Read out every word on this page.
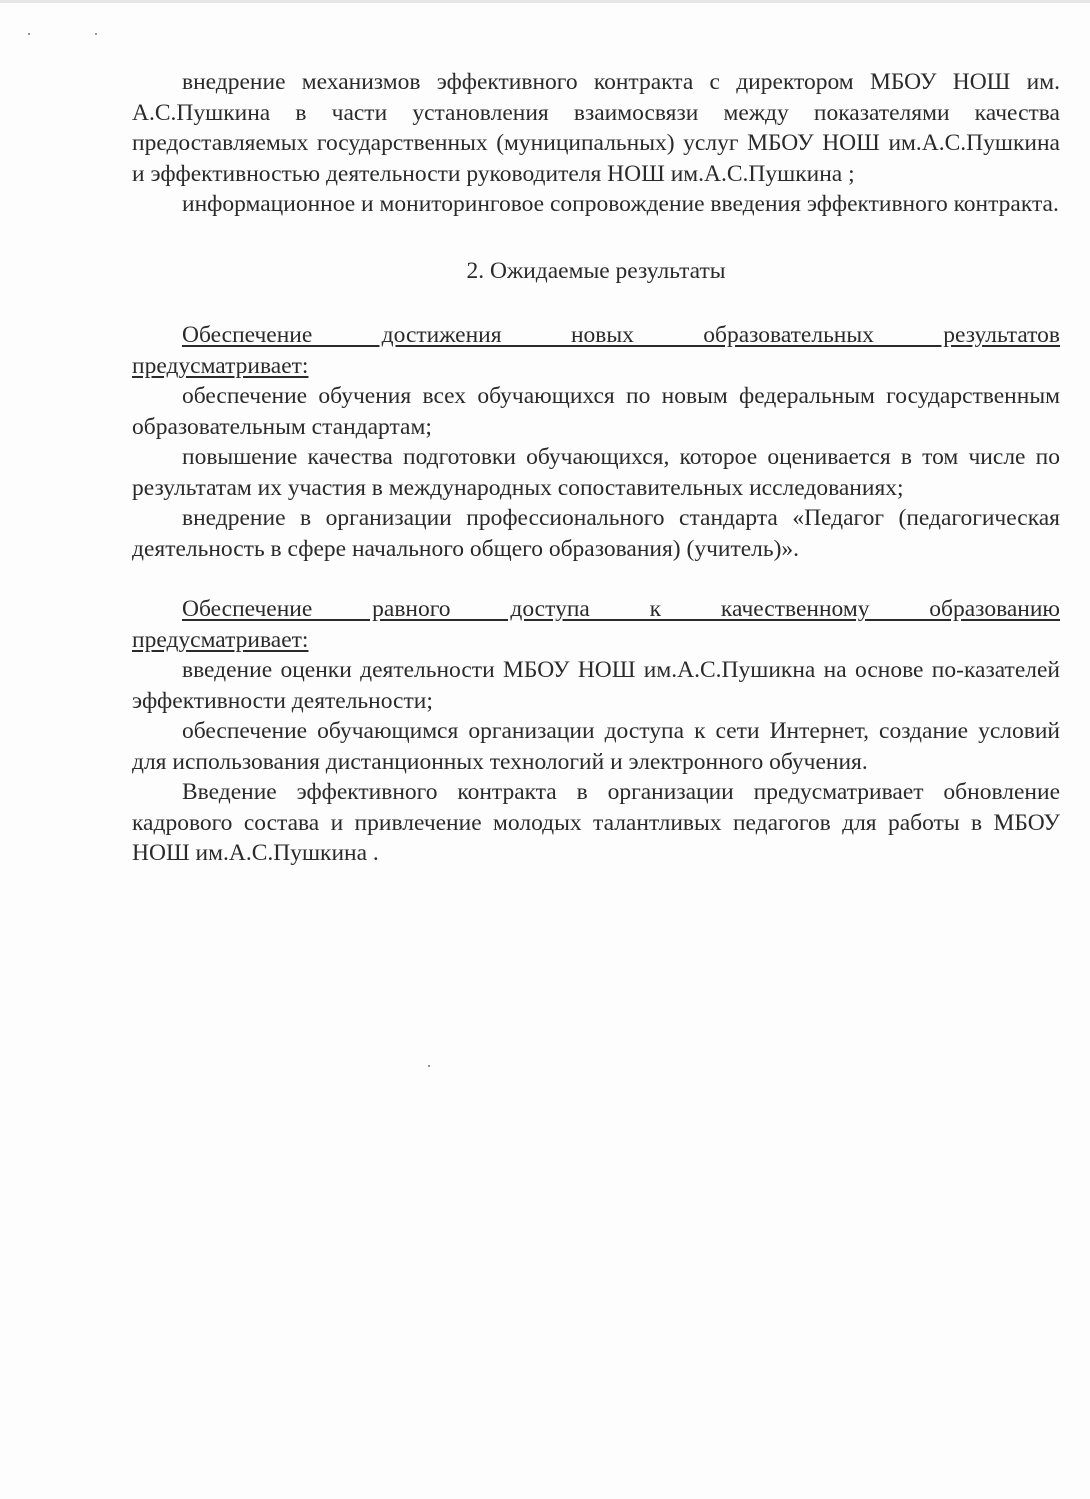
внедрение механизмов эффективного контракта с директором МБОУ НОШ им. А.С.Пушкина в части установления взаимосвязи между показателями качества предоставляемых государственных (муниципальных) услуг МБОУ НОШ им.А.С.Пушкина и эффективностью деятельности руководителя НОШ им.А.С.Пушкина ;

информационное и мониторинговое сопровождение введения эффективного контракта.

2. Ожидаемые результаты

Обеспечение достижения новых образовательных результатов

предусматривает:

обеспечение обучения всех обучающихся по новым федеральным государственным образовательным стандартам;

повышение качества подготовки обучающихся, которое оценивается в том числе по результатам их участия в международных сопоставительных исследованиях;

внедрение в организации профессионального стандарта «Педагог (педагогическая деятельность в сфере начального общего образования) (учитель)».

Обеспечение равного доступа к качественному образованию

предусматривает:

введение оценки деятельности МБОУ НОШ им.А.С.Пушикна на основе по-казателей эффективности деятельности;

обеспечение обучающимся организации доступа к сети Интернет, создание условий для использования дистанционных технологий и электронного обучения.

Введение эффективного контракта в организации предусматривает обновление кадрового состава и привлечение молодых талантливых педагогов для работы в МБОУ НОШ им.А.С.Пушкина .
